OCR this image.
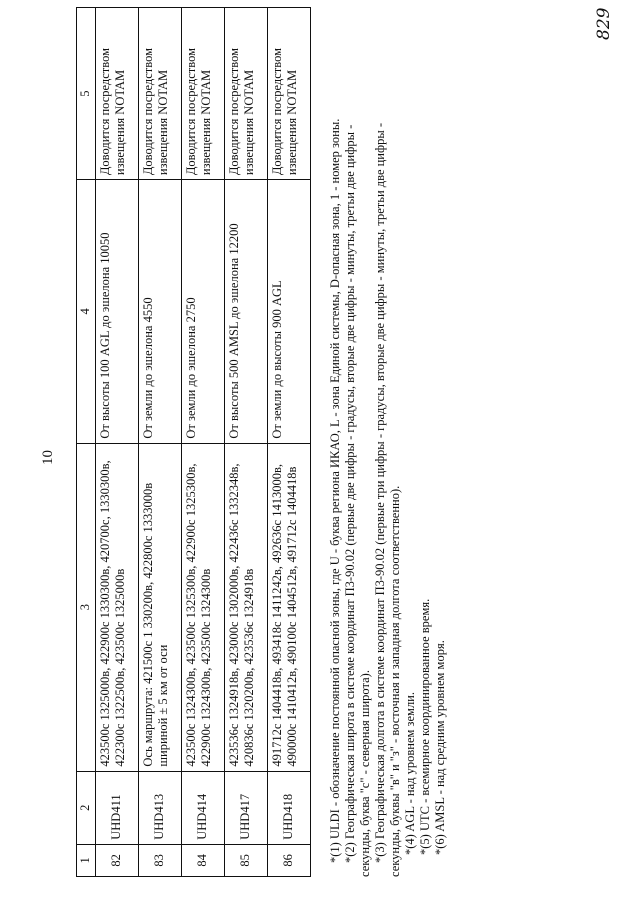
10
1	2	3	4	5
82	UHD411	423500с 1325000в, 422900с 1330300в, 420700с, 1330300в, 422300с 1322500в, 423500с 1325000в	От высоты 100 AGL до эшелона 10050	Доводится посредством извещения NOTAM
83	UHD413	Ось маршрута: 421500с 1 330200в, 422800с 1333000в шириной ± 5 км от оси	От земли до эшелона 4550	Доводится посредством извещения NOTAM
84	UHD414	423500с 1324300в, 423500с 1325300в, 422900с 1325300в, 422900с 1324300в, 423500с 1324300в	От земли до эшелона 2750	Доводится посредством извещения NOTAM
85	UHD417	423536с 1324918в, 423000с 1302000в, 422436с 1332348в, 420836с 1320200в, 423536с 1324918в	От высоты 500 AMSL до эшелона 12200	Доводится посредством извещения NOTAM
86	UHD418	491712с 1404418в, 493418с 1411242в, 492636с 1413000в, 490000с 1410412в, 490100с 1404512в, 491712с 1404418в	От земли до высоты 900 AGL	Доводится посредством извещения NOTAM *(1) ULDI - обозначение постоянной опасной зоны, где U - буква региона ИКАО, L - зона Единой системы, D-опасная зона, 1 - номер зоны. *(2) Географическая широта в системе координат П3-90.02 (первые две цифры - градусы, вторые две цифры - минуты, третьи две цифры - секунды, буква "с" - северная широта). *(3) Географическая долгота в системе координат П3-90.02 (первые три цифры - градусы, вторые две цифры - минуты, третьи две цифры - секунды, буквы "в" и "з" - восточная и западная долгота соответственно). *(4) AGL - над уровнем земли. *(5) UTC - всемирное координированное время. *(6) AMSL - над средним уровнем моря.

829
